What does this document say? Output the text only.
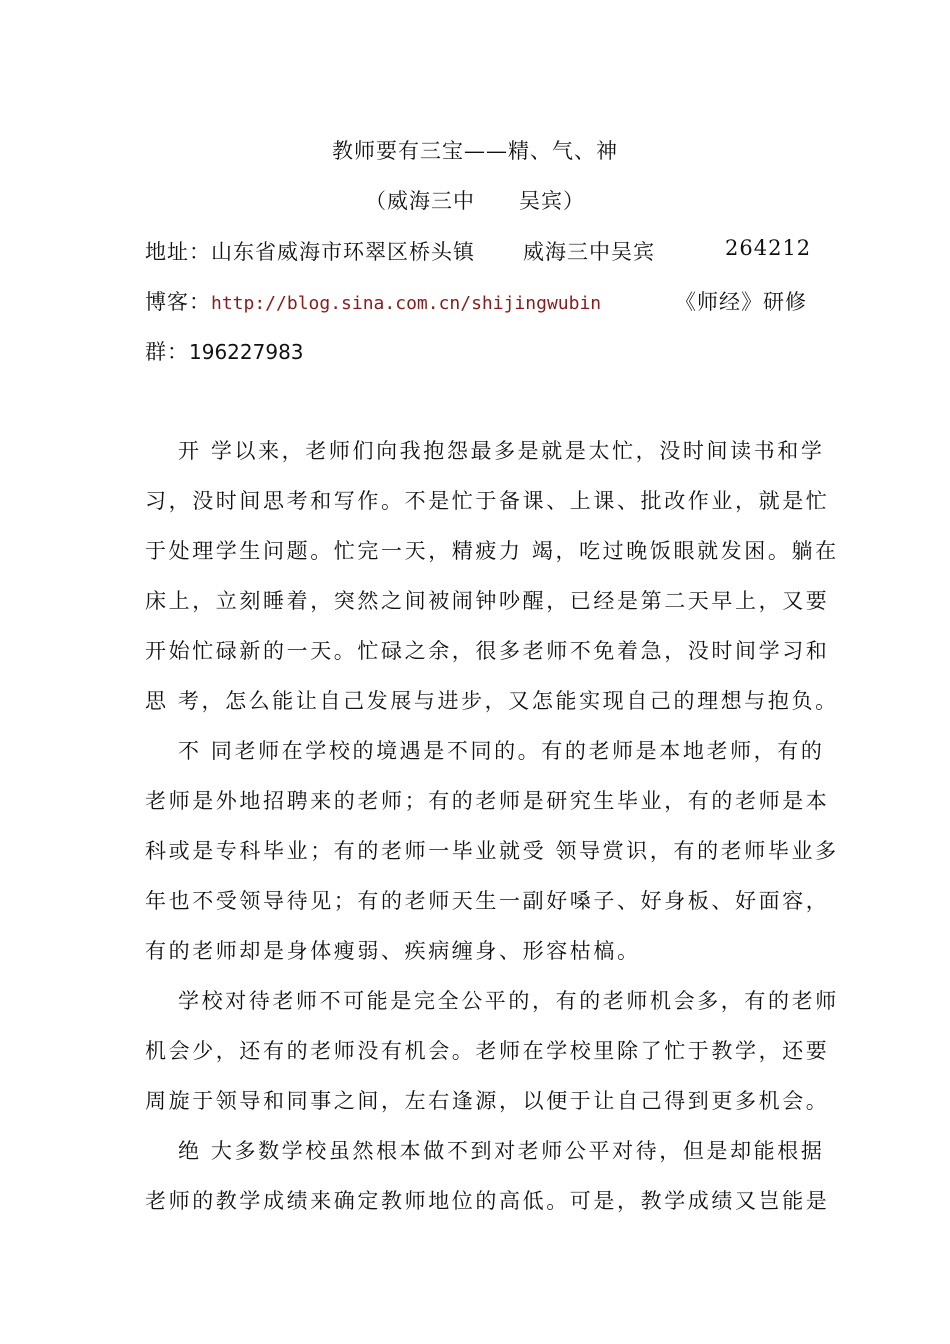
教师要有三宝——精、气、神
（威海三中 吴宾）
地址：山东省威海市环翠区桥头镇 威海三中吴宾	264212
博客：http://blog.sina.com.cn/shijingwubin	《师经》研修
群：196227983
开 学以来，老师们向我抱怨最多是就是太忙，没时间读书和学
习，没时间思考和写作。不是忙于备课、上课、批改作业，就是忙
于处理学生问题。忙完一天，精疲力 竭，吃过晚饭眼就发困。躺在
床上，立刻睡着，突然之间被闹钟吵醒，已经是第二天早上，又要
开始忙碌新的一天。忙碌之余，很多老师不免着急，没时间学习和
思 考，怎么能让自己发展与进步，又怎能实现自己的理想与抱负。
不 同老师在学校的境遇是不同的。有的老师是本地老师，有的
老师是外地招聘来的老师；有的老师是研究生毕业，有的老师是本
科或是专科毕业；有的老师一毕业就受 领导赏识，有的老师毕业多
年也不受领导待见；有的老师天生一副好嗓子、好身板、好面容，
有的老师却是身体瘦弱、疾病缠身、形容枯槁。
学校对待老师不可能是完全公平的，有的老师机会多，有的老师
机会少，还有的老师没有机会。老师在学校里除了忙于教学，还要
周旋于领导和同事之间，左右逢源，以便于让自己得到更多机会。
绝 大多数学校虽然根本做不到对老师公平对待，但是却能根据
老师的教学成绩来确定教师地位的高低。可是，教学成绩又岂能是
